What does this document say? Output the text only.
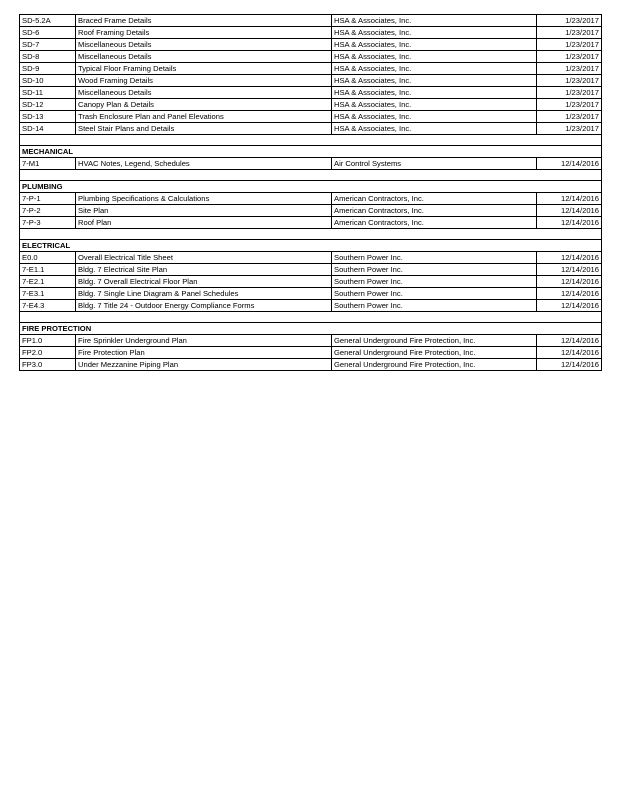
SD-5.2A	Braced Frame Details	HSA & Associates, Inc.	1/23/2017
SD-6	Roof Framing Details	HSA & Associates, Inc.	1/23/2017
SD-7	Miscellaneous Details	HSA & Associates, Inc.	1/23/2017
SD-8	Miscellaneous Details	HSA & Associates, Inc.	1/23/2017
SD-9	Typical Floor Framing Details	HSA & Associates, Inc.	1/23/2017
SD-10	Wood Framing Details	HSA & Associates, Inc.	1/23/2017
SD-11	Miscellaneous Details	HSA & Associates, Inc.	1/23/2017
SD-12	Canopy Plan & Details	HSA & Associates, Inc.	1/23/2017
SD-13	Trash Enclosure Plan and Panel Elevations	HSA & Associates, Inc.	1/23/2017
SD-14	Steel Stair Plans and Details	HSA & Associates, Inc.	1/23/2017

MECHANICAL			
7-M1	HVAC Notes, Legend, Schedules	Air Control Systems	12/14/2016

PLUMBING			
7-P-1	Plumbing Specifications & Calculations	American Contractors, Inc.	12/14/2016
7-P-2	Site Plan	American Contractors, Inc.	12/14/2016
7-P-3	Roof Plan	American Contractors, Inc.	12/14/2016

ELECTRICAL			
E0.0	Overall Electrical Title Sheet	Southern Power Inc.	12/14/2016
7-E1.1	Bldg. 7 Electrical Site Plan	Southern Power Inc.	12/14/2016
7-E2.1	Bldg. 7 Overall Electrical Floor Plan	Southern Power Inc.	12/14/2016
7-E3.1	Bldg. 7 Single Line Diagram & Panel Schedules	Southern Power Inc.	12/14/2016
7-E4.3	Bldg. 7 Title 24 - Outdoor Energy Compliance Forms	Southern Power Inc.	12/14/2016

FIRE PROTECTION			
FP1.0	Fire Sprinkler Underground Plan	General Underground Fire Protection, Inc.	12/14/2016
FP2.0	Fire Protection Plan	General Underground Fire Protection, Inc.	12/14/2016
FP3.0	Under Mezzanine Piping Plan	General Underground Fire Protection, Inc.	12/14/2016
